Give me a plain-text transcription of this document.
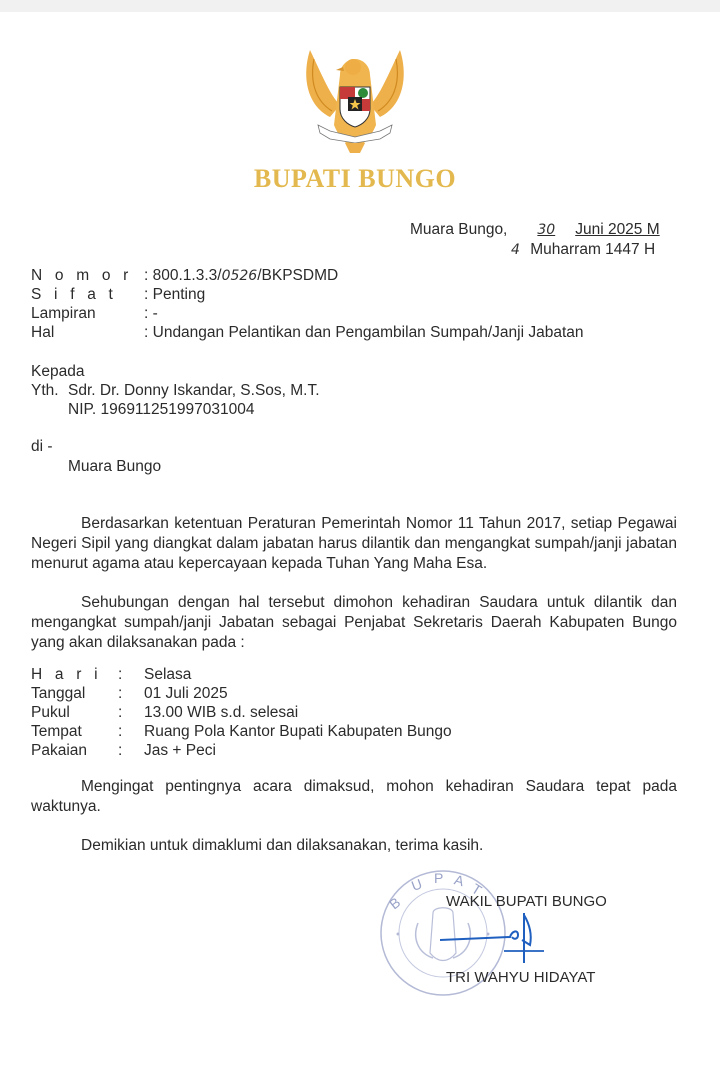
BUPATI BUNGO
Muara Bungo, 30 Juni 2025 M
4 Muharram 1447 H
N o m o r : 800.1.3.3/0526/BKPSDMD
S i f a t : Penting
Lampiran	: -
Hal	: Undangan Pelantikan dan Pengambilan Sumpah/Janji Jabatan
Kepada
Yth. Sdr. Dr. Donny Iskandar, S.Sos, M.T.
NIP. 196911251997031004
di -
Muara Bungo
Berdasarkan ketentuan Peraturan Pemerintah Nomor 11 Tahun 2017, setiap Pegawai Negeri Sipil yang diangkat dalam jabatan harus dilantik dan mengangkat sumpah/janji jabatan menurut agama atau kepercayaan kepada Tuhan Yang Maha Esa.
Sehubungan dengan hal tersebut dimohon kehadiran Saudara untuk dilantik dan mengangkat sumpah/janji Jabatan sebagai Penjabat Sekretaris Daerah Kabupaten Bungo yang akan dilaksanakan pada :
H a r i : Selasa
Tanggal : 01 Juli 2025
Pukul	: 13.00 WIB s.d. selesai
Tempat : Ruang Pola Kantor Bupati Kabupaten Bungo
Pakaian : Jas + Peci
Mengingat pentingnya acara dimaksud, mohon kehadiran Saudara tepat pada waktunya.
Demikian untuk dimaklumi dan dilaksanakan, terima kasih.
B
U P A
T
WAKIL BUPATI BUNGO
TRI WAHYU HIDAYAT
